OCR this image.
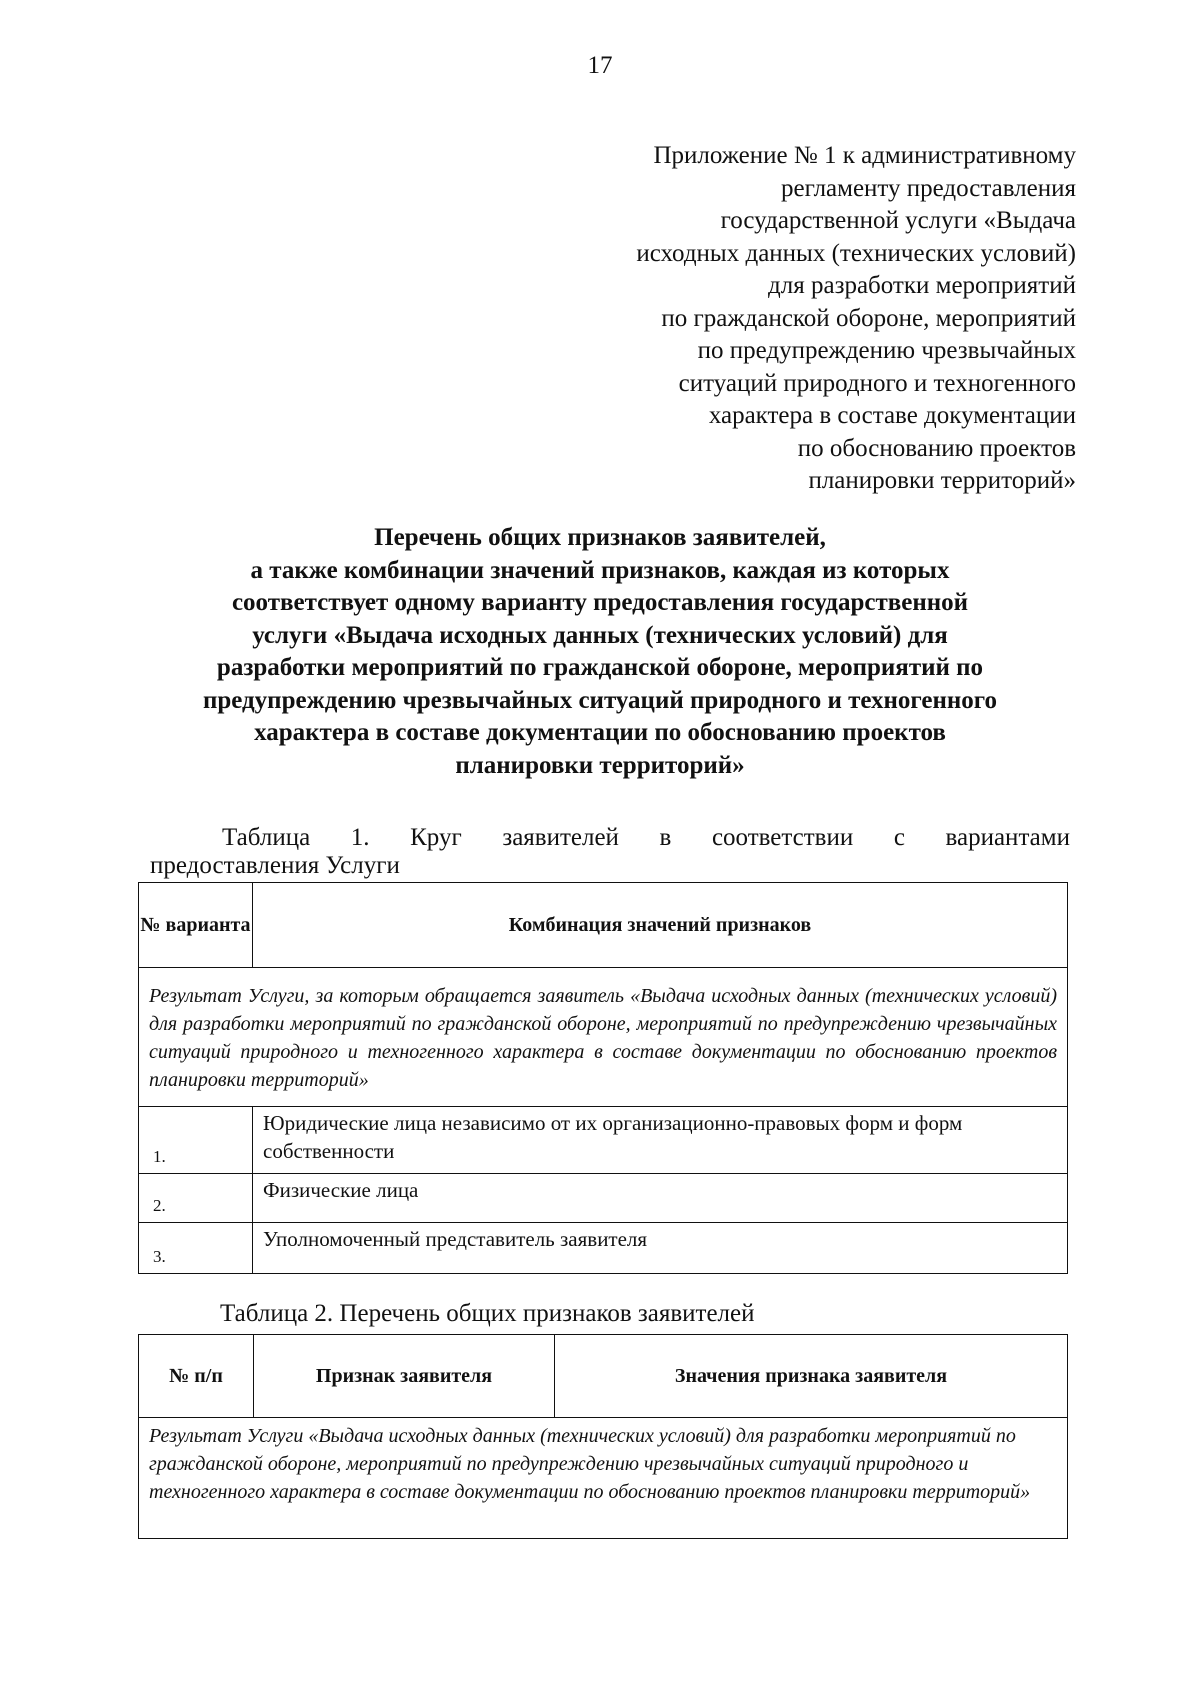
17
Приложение № 1 к административному
регламенту предоставления
государственной услуги «Выдача
исходных данных (технических условий)
для разработки мероприятий
по гражданской обороне, мероприятий
по предупреждению чрезвычайных
ситуаций природного и техногенного
характера в составе документации
по обоснованию проектов
планировки территорий»
Перечень общих признаков заявителей,
а также комбинации значений признаков, каждая из которых
соответствует одному варианту предоставления государственной
услуги «Выдача исходных данных (технических условий) для
разработки мероприятий по гражданской обороне, мероприятий по
предупреждению чрезвычайных ситуаций природного и техногенного
характера в составе документации по обоснованию проектов
планировки территорий»
Таблица 1. Круг заявителей в соответствии с вариантами
предоставления Услуги
№ варианта	Комбинация значений признаков
Результат Услуги, за которым обращается заявитель «Выдача исходных данных (технических условий) для разработки мероприятий по гражданской обороне, мероприятий по предупреждению чрезвычайных ситуаций природного и техногенного характера в составе документации по обоснованию проектов планировки территорий»	
1.	Юридические лица независимо от их организационно-правовых форм и форм собственности
2.	Физические лица
3.	Уполномоченный представитель заявителя
Таблица 2. Перечень общих признаков заявителей
№ п/п	Признак заявителя	Значения признака заявителя
Результат Услуги «Выдача исходных данных (технических условий) для разработки мероприятий по гражданской обороне, мероприятий по предупреждению чрезвычайных ситуаций природного и техногенного характера в составе документации по обоснованию проектов планировки территорий»
